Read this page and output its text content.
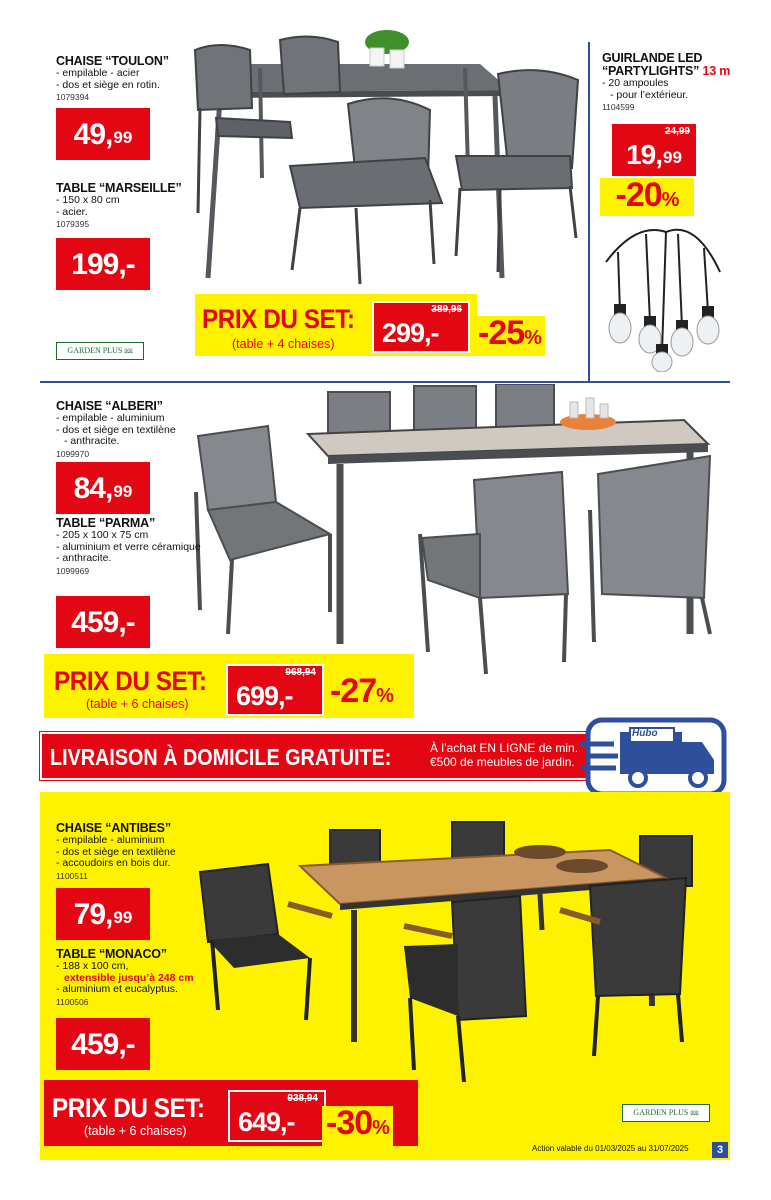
CHAISE “TOULON”
- empilable - acier
- dos et siège en rotin.
1079394
49, 99
TABLE “MARSEILLE”
- 150 x 80 cm
- acier.
1079395
199,-
PRIX DU SET:
(table + 4 chaises)
389,96
299,- -25%
GARDEN PLUS ⅏
GUIRLANDE LED
“PARTYLIGHTS” 13 m
- 20 ampoules
- pour l’extérieur.
1104599
24,99
19, 99
-20%
CHAISE “ALBERI”
- empilable - aluminium
- dos et siège en textilène
- anthracite.
1099970
84, 99
TABLE “PARMA”
- 205 x 100 x 75 cm
- aluminium et verre céramique
- anthracite.
1099969
459,-
PRIX DU SET:
(table + 6 chaises)
968,94
699,- -27%
LIVRAISON À DOMICILE GRATUITE:	À l’achat EN LIGNE de min.
€500 de meubles de jardin.
Hubo
CHAISE “ANTIBES”
- empilable - aluminium
- dos et siège en textilène
- accoudoirs en bois dur.
1100511
79, 99
TABLE “MONACO”
- 188 x 100 cm,
extensible jusqu’à 248 cm
- aluminium et eucalyptus.
1100506
459,-
PRIX DU SET:
(table + 6 chaises)
938,94
649,- -30%
GARDEN PLUS ⅏
Action valable du 01/03/2025 au 31/07/2025	3
